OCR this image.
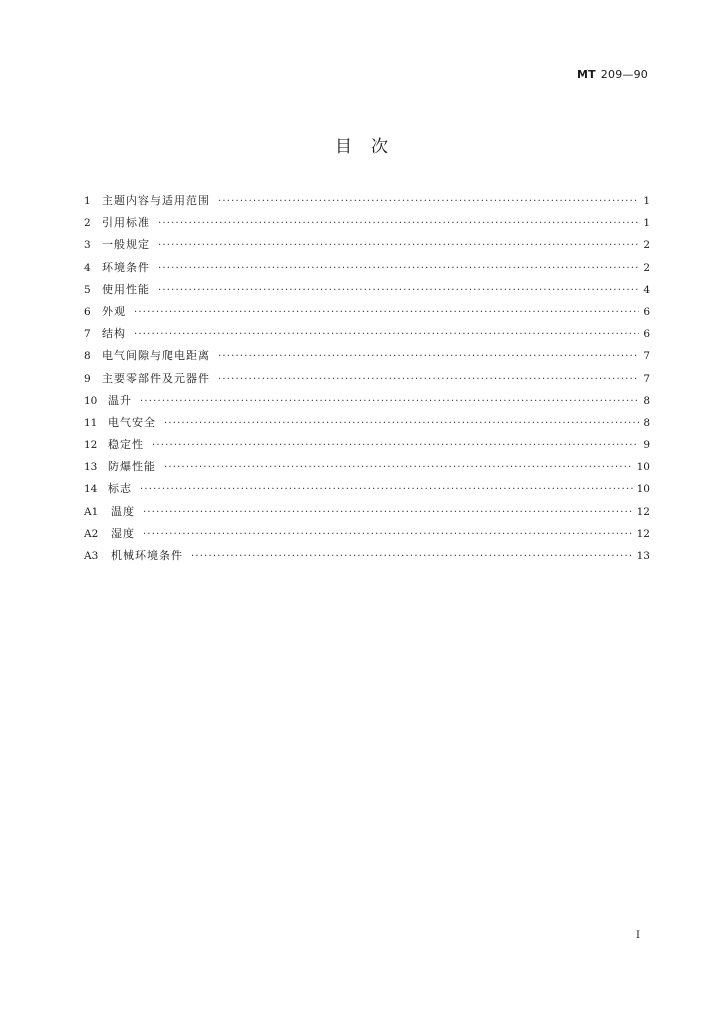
MT 209—90
目　次
1	主题内容与适用范围 ·····	1
2	引用标准 ·····	1
3	一般规定 ·····	2
4	环境条件 ·····	2
5	使用性能 ·····	4
6	外观 ·····	6
7	结构 ·····	6
8	电气间隙与爬电距离 ·····	7
9	主要零部件及元器件 ·····	7
10 温升 ·····	8
11 电气安全 ·····	8
12 稳定性 ·····	9
13 防爆性能 ·····	10
14 标志 ·····	10
A1	温度 ·····	12
A2	湿度 ·····	12
A3	机械环境条件 ·····	13
I
